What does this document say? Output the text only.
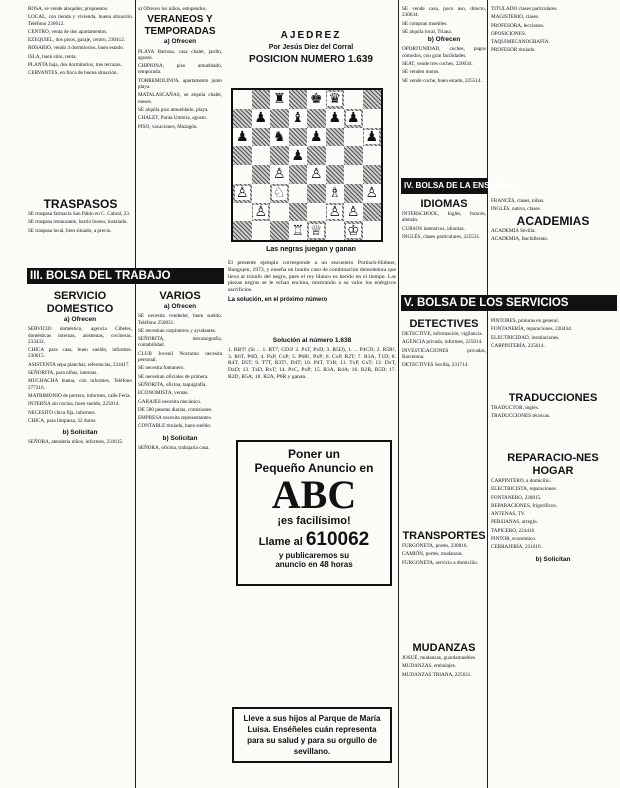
ROSA, se vende aloquiler, propuestos.

LOCAL, con tienda y vivienda, buena situación. Teléfono 230612.

CENTRO, venta de dos apartamentos.

EZEQUIEL, dos pisos, garaje, centro, 230412.

ROSARIO, vendo 4 dormitorios, buen estado.

ISLA, buen sitio, renta.

PLANTA baja, dos dormitorios, tres terrazas.

CERVANTES, en finca de buena situación.

TRASPASOS

SE traspasa farmacia San Pablo en C. Cabral, 23.

SE traspasa restaurante, barrio bueno, instalado.

SE traspasa local, bien situado, a precio.

III. BOLSA DEL TRABAJO
SERVICIO DOMESTICO
a) Ofrecen

SERVICIO doméstico, agencia Cibeles, domésticas internas, asistentas, cocineras. 233432.

CHICA para casa, buen sueldo, informes. 230615.

ASISTENTA sepa planchar, referencias, 224417.

SEÑORITA, para niños, internas.

MUCHACHA buena, con informes. Teléfono 277316.

MATRIMONIO de portero, informes, calle Feria.

INTERNA sin cocina, buen sueldo, 225014.

NECESITO chica fija, informes.

CHICA, para limpieza, 32 duros.

b) Solicitan

SEÑORA, atendería niños, informes, 231615.

a) Ofrecen los niños, estupendos.

VERANEOS Y TEMPORADAS
a) Ofrecen

PLAYA Barrosa, casa chalet, jardín, agosto.

CHIPIONA, piso amueblado, temporada.

TORREMOLINOS, apartamento junto playa.

MATALASCAÑAS, se alquila chalet, meses.

SE alquila piso amueblado, playa.

CHALET, Punta Umbría, agosto.

PISO, vacaciones, Mazagón.

VARIOS
a) Ofrecen

SE necesita vendedor, buen sueldo. Teléfono 250031.

SE necesitan carpinteros y ayudantes.

SEÑORITA, mecanografía, contabilidad.

CLUB Juvenil Nocturno necesita personal.

SE necesita fontanero.

SE necesitan oficiales de primera.

SEÑORITA, oficina, taquigrafía.

ECONOMISTA, ventas.

GARAJES necesita mecánico.

DE 500 pesetas diarias, comisiones.

EMPRESA necesita representantes.

CONTABLE titulado, buen sueldo.

b) Solicitan

SEÑORA, oficina, trabajaría casa.

AJEDREZ
Por Jesús Díez del Corral
POSICION NUMERO 1.639
♜ ♚ ♛
♟ ♝ ♟ ♟
♟ ♞ ♟	♟
♟
♙ ♙
♙ ♘	♗ ♙
♙	♙ ♙
♖ ♕ ♔
Las negras juegan y ganan

El presente ejemplo corresponde a un encuentro Portisch-Hubner, Bangojen, 1973, y enseña un bonito caso de combinación demoledora que lleva al triunfo del negro, pues el rey blanco es herido en el tiempo. Las piezas negras se le echan encima, mostrando a su valor los enérgicos sacrificios.

La solución, en el próximo número

Solución al número 1.638

1. RBT! (Si ... 1. RT7; CD3! 2. PxT, PxD; 3. R5D), 1. ... P4CD; 2. R5R!, 3. R6T, P6D, 4. PxP, CxP; 5. P6R!, PxP; 6. CxP, R2T; 7. R3A, T1D; 8. R4T, D5T; 9. T7T, R3T!, D4T; 10. P4T, T1R; 11. TxP, CxT; 12. DxT, DxD; 13. TxD, RxT; 14. PxC, PxP; 15. R3A, R4A; 16. R2R, R5D; 17. R2D, R5A; 18. R2A, P6R y ganan.

Poner un

Pequeño Anuncio en

ABC

¡es facilísimo!

Llame al 610062

y publicaremos su

anuncio en 48 horas

Lleve a sus hijos al Parque de María Luisa. Enséñeles cuán representa para su salud y para su orgullo de sevillano.

SE vende casa, poco uso, directo, 230634.

SE compran muebles.

SE alquila local, Triana.

b) Ofrecen

OPORTUNIDAD, coches, pagos cómodos, con gran facilidades.

SEAT, vende tres coches, 220034.

SE venden motos.

SE vende coche, buen estado, 225514.

IV. BOLSA DE LA ENSEÑANZA
IDIOMAS

INTERSCHOOL, Inglés, francés, alemán.

CURSOS intensivos, idiomas.

INGLÉS, clases particulares, 225531.

V. BOLSA DE LOS SERVICIOS
DETECTIVES

DETECTIVE, información, vigilancia.

AGENCIA privada, informes, 225814.

INVESTIGACIONES privadas, Barcelona.

DETECTIVES Sevilla, 231714.

TRANSPORTES

FURGONETA, portes, 230816.

CAMIÓN, portes, mudanzas.

FURGONETA, servicio a domicilio.

MUDANZAS

JOSUÉ, mudanzas, guardamuebles.

MUDANZAS, embalajes.

MUDANZAS TRIANA, 225631.

TITULADO clases particulares.

MAGISTERIO, clases.

PROFESORA, lecciones.

OPOSICIONES.

TAQUIMECANOGRAFÍA.

PROFESOR titulado.

FRANCÉS, clases, niños.

INGLÉS, nativa, clases.

ACADEMIAS

ACADEMIA Sevilla.

ACADEMIA, Bachillerato.

PINTORES, pinturas en general.

FONTANERÍA, reparaciones, 220434.

ELECTRICIDAD, instalaciones.

CARPINTERÍA, 225614.

TRADUCCIONES

TRADUCTOR, inglés.

TRADUCCIONES técnicas.

REPARACIO-NES HOGAR

CARPINTERO, a domicilio.

ELECTRICISTA, reparaciones.

FONTANERO, 230815.

REPARACIONES, frigoríficos.

ANTENAS, TV.

PERSIANAS, arreglo.

TAPICERO, 224416.

PINTOR, económico.

CERRAJERÍA, 231616.

b) Solicitan
